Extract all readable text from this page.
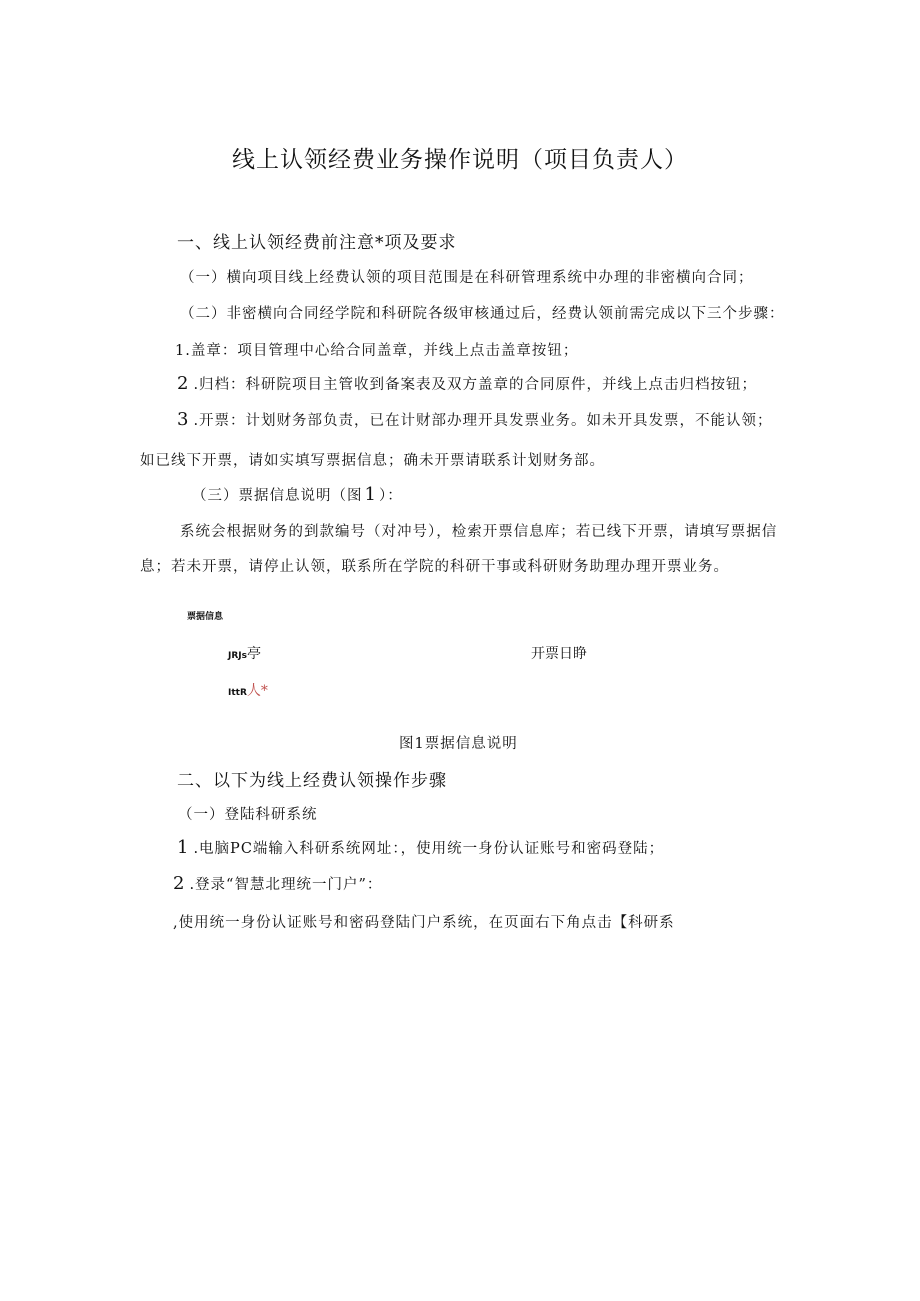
线上认领经费业务操作说明（项目负责人）
一、线上认领经费前注意*项及要求
（一）横向项目线上经费认领的项目范围是在科研管理系统中办理的非密横向合同；
（二）非密横向合同经学院和科研院各级审核通过后，经费认领前需完成以下三个步骤：
1.盖章：项目管理中心给合同盖章，并线上点击盖章按钮；
2 .归档：科研院项目主管收到备案表及双方盖章的合同原件，并线上点击归档按钮；
3 .开票：计划财务部负责，已在计财部办理开具发票业务。如未开具发票，不能认领；
如已线下开票，请如实填写票据信息；确未开票请联系计划财务部。
（三）票据信息说明（图 1 ）：
系统会根据财务的到款编号（对冲号），检索开票信息库；若已线下开票，请填写票据信
息；若未开票，请停止认领，联系所在学院的科研干事或科研财务助理办理开票业务。
票据信息
JRJs亭	开票日睁
IttR人*
图1票据信息说明
二、以下为线上经费认领操作步骤
（一）登陆科研系统
1 .电脑PC端输入科研系统网址：，使用统一身份认证账号和密码登陆；
2 .登录“智慧北理统一门户”：
,使用统一身份认证账号和密码登陆门户系统，在页面右下角点击【科研系
